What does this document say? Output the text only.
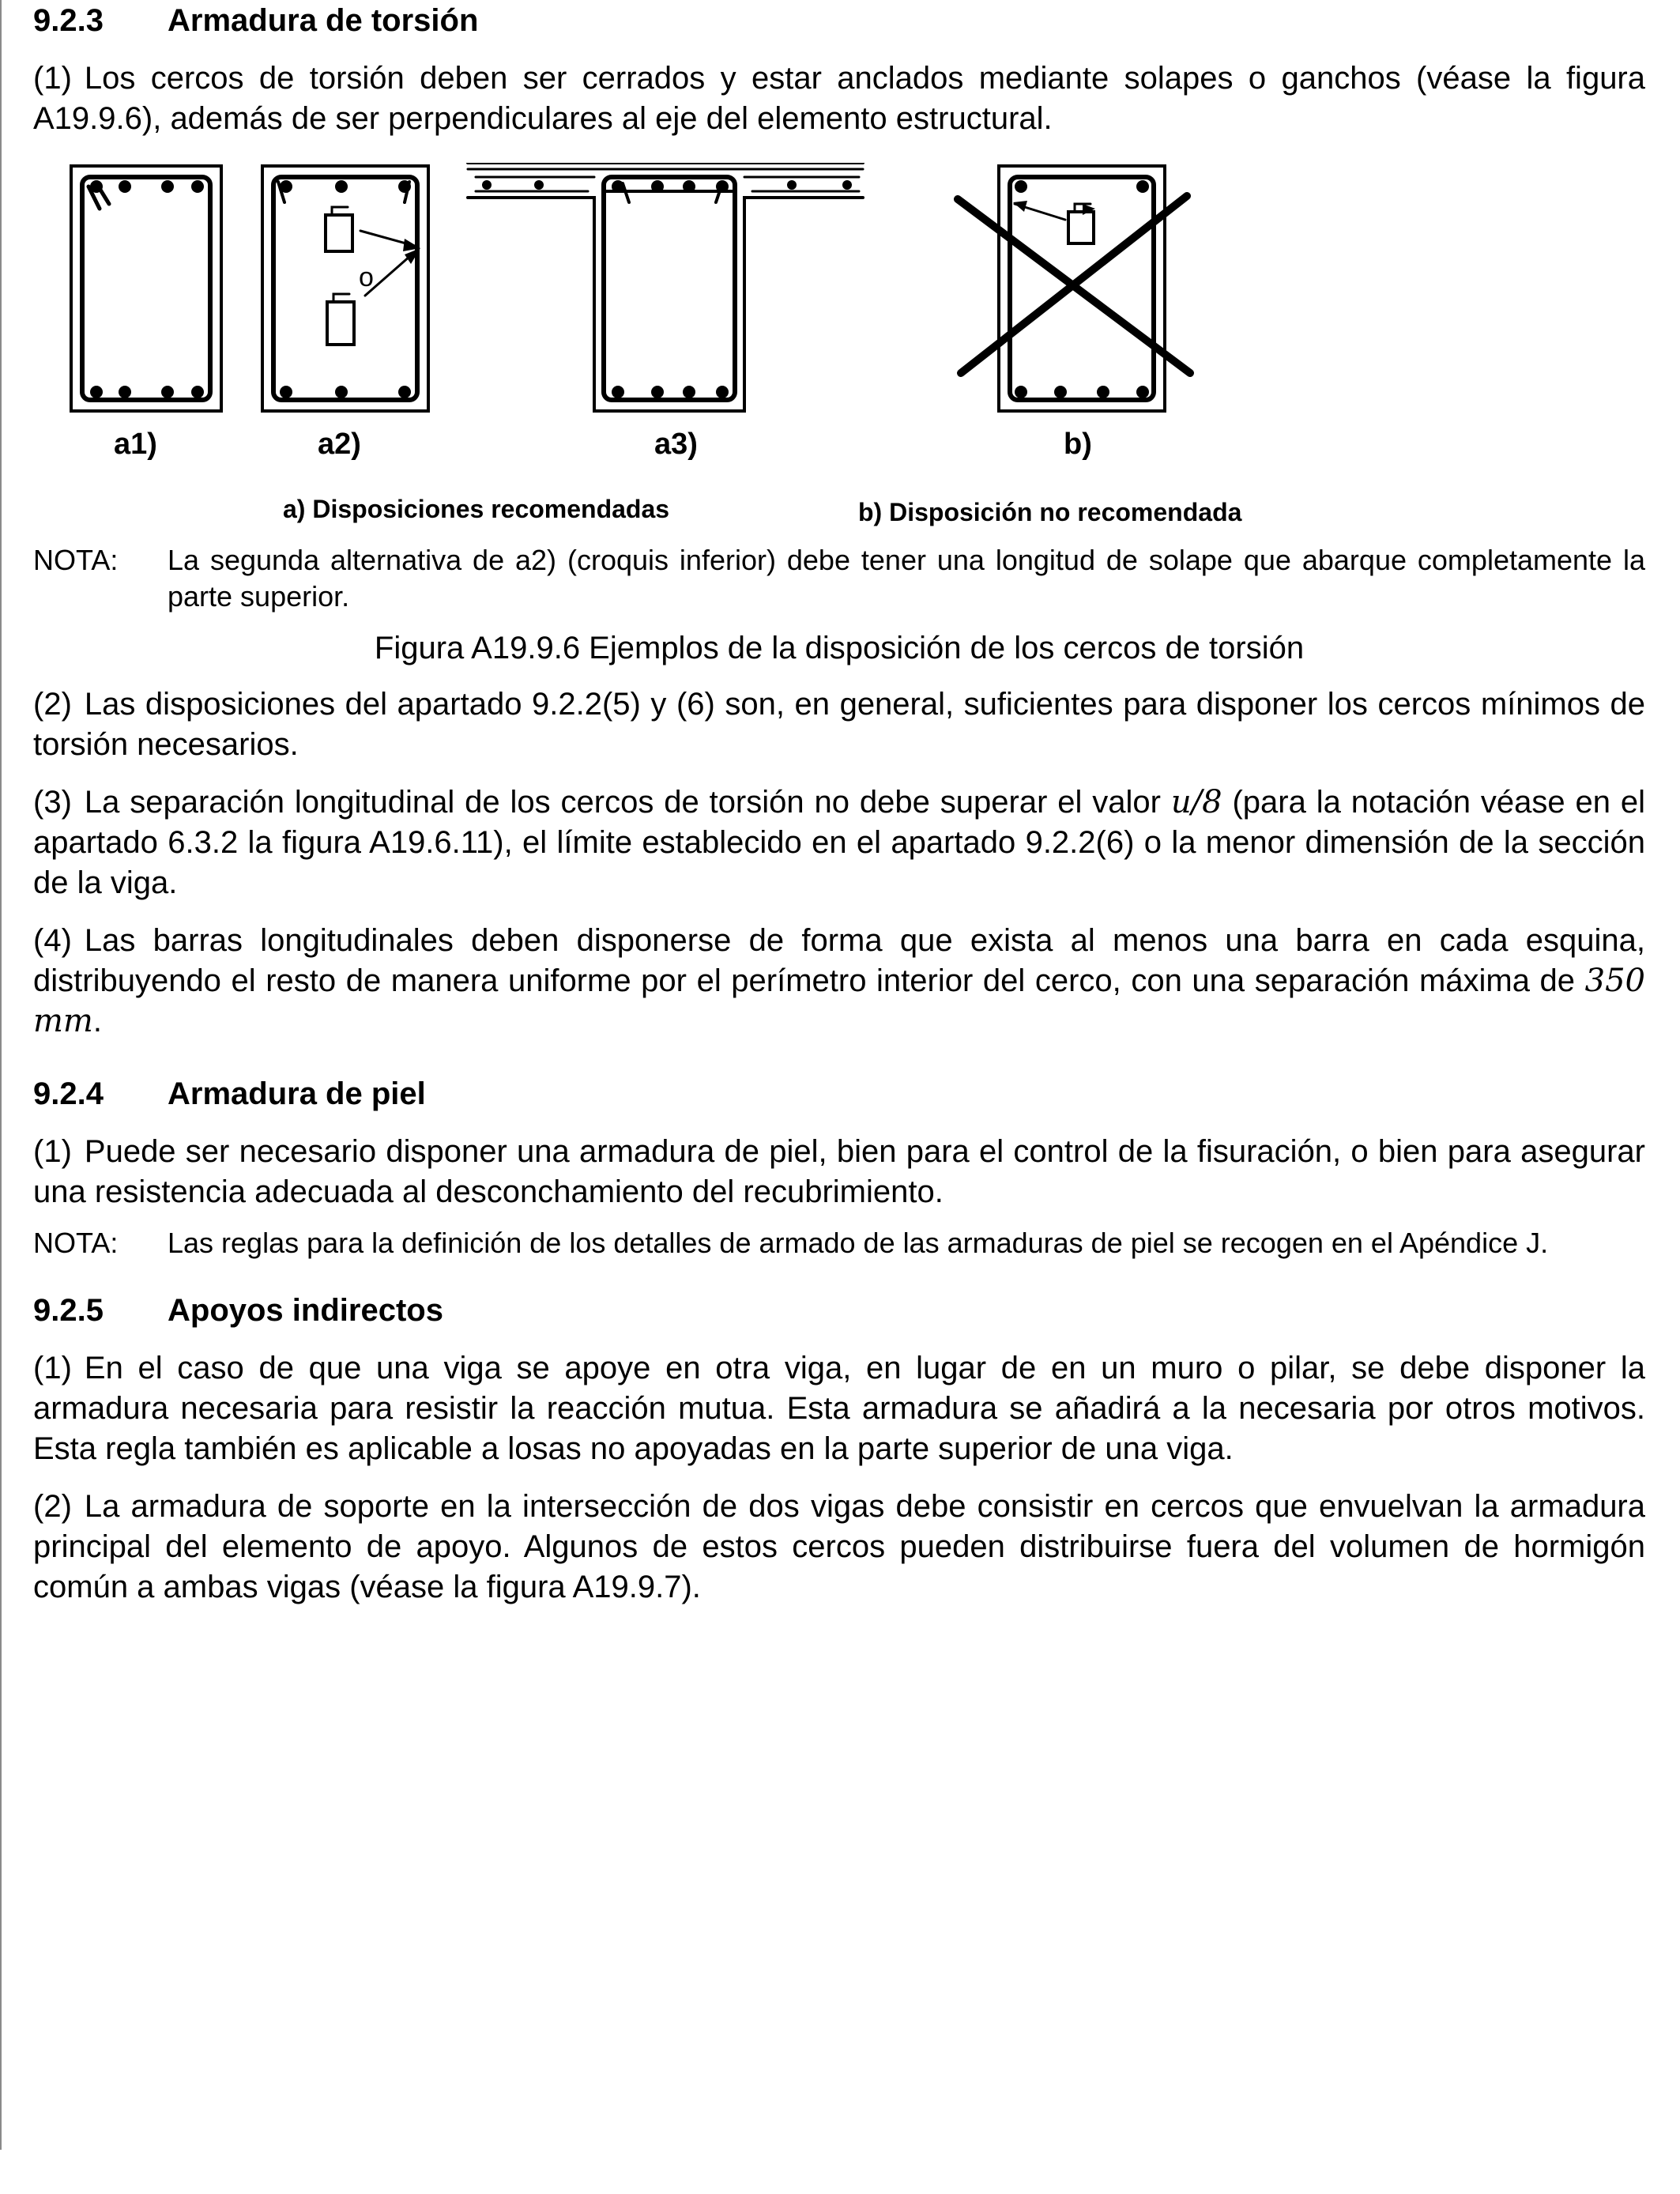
9.2.3	Armadura de torsión
(1) Los cercos de torsión deben ser cerrados y estar anclados mediante solapes o ganchos (véase la figura A19.9.6), además de ser perpendiculares al eje del elemento estructural.
o
a1)	a2)	a3)	b)
a) Disposiciones recomendadas	b) Disposición no recomendada
NOTA:	La segunda alternativa de a2) (croquis inferior) debe tener una longitud de solape que abarque completamente la parte superior.
Figura A19.9.6 Ejemplos de la disposición de los cercos de torsión
(2) Las disposiciones del apartado 9.2.2(5) y (6) son, en general, suficientes para disponer los cercos mínimos de torsión necesarios.
(3) La separación longitudinal de los cercos de torsión no debe superar el valor u/8 (para la notación véase en el apartado 6.3.2 la figura A19.6.11), el límite establecido en el apartado 9.2.2(6) o la menor dimensión de la sección de la viga.
(4) Las barras longitudinales deben disponerse de forma que exista al menos una barra en cada esquina, distribuyendo el resto de manera uniforme por el perímetro interior del cerco, con una separación máxima de 350 mm.
9.2.4	Armadura de piel
(1) Puede ser necesario disponer una armadura de piel, bien para el control de la fisuración, o bien para asegurar una resistencia adecuada al desconchamiento del recubrimiento.
NOTA:	Las reglas para la definición de los detalles de armado de las armaduras de piel se recogen en el Apéndice J.
9.2.5	Apoyos indirectos
(1) En el caso de que una viga se apoye en otra viga, en lugar de en un muro o pilar, se debe disponer la armadura necesaria para resistir la reacción mutua. Esta armadura se añadirá a la necesaria por otros motivos. Esta regla también es aplicable a losas no apoyadas en la parte superior de una viga.
(2) La armadura de soporte en la intersección de dos vigas debe consistir en cercos que envuelvan la armadura principal del elemento de apoyo. Algunos de estos cercos pueden distribuirse fuera del volumen de hormigón común a ambas vigas (véase la figura A19.9.7).
